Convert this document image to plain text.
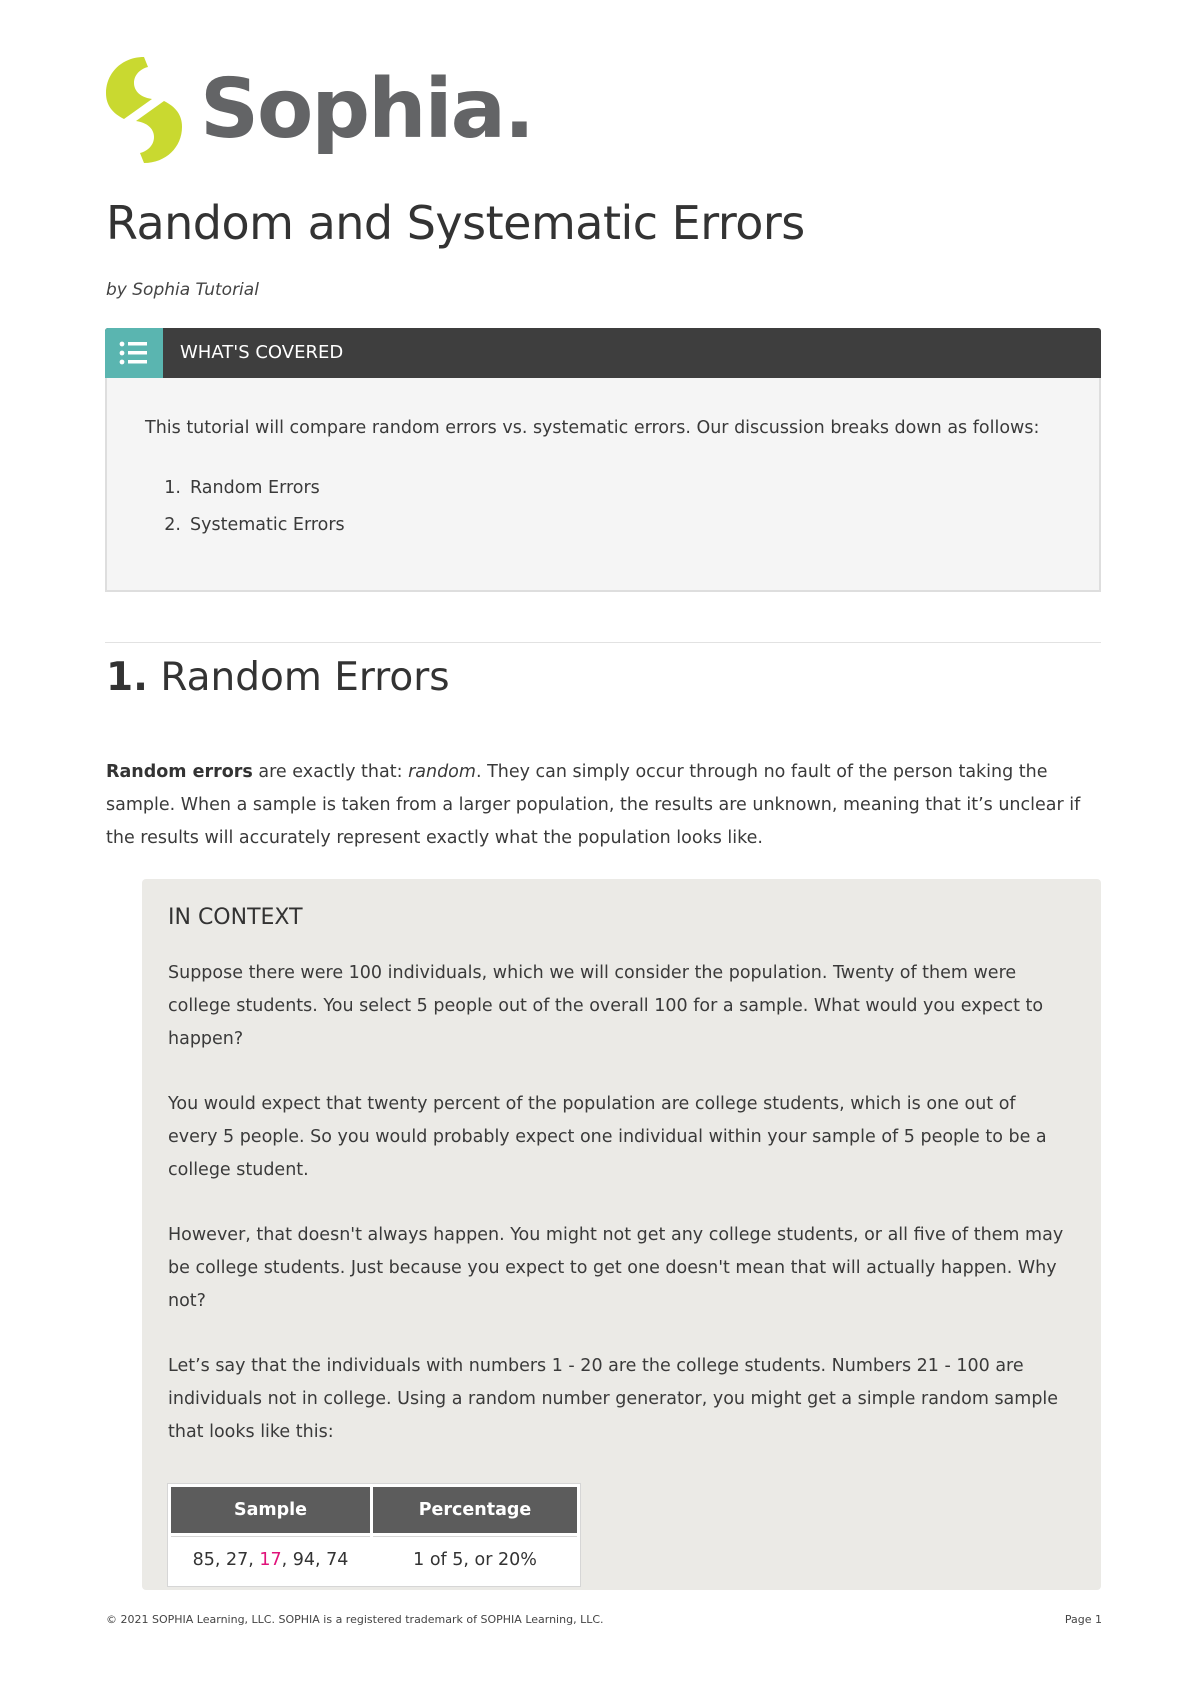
Sophia.
Random and Systematic Errors
by Sophia Tutorial
WHAT'S COVERED

This tutorial will compare random errors vs. systematic errors. Our discussion breaks down as follows:

1. Random Errors
2. Systematic Errors
1. Random Errors

Random errors are exactly that: random. They can simply occur through no fault of the person taking the sample. When a sample is taken from a larger population, the results are unknown, meaning that it’s unclear if the results will accurately represent exactly what the population looks like.

IN CONTEXT

Suppose there were 100 individuals, which we will consider the population. Twenty of them were college students. You select 5 people out of the overall 100 for a sample. What would you expect to happen?

You would expect that twenty percent of the population are college students, which is one out of every 5 people. So you would probably expect one individual within your sample of 5 people to be a college student.

However, that doesn't always happen. You might not get any college students, or all five of them may be college students. Just because you expect to get one doesn't mean that will actually happen. Why not?

Let’s say that the individuals with numbers 1 - 20 are the college students. Numbers 21 - 100 are individuals not in college. Using a random number generator, you might get a simple random sample that looks like this:

Sample	Percentage
85, 27, 17, 94, 74	1 of 5, or 20%
© 2021 SOPHIA Learning, LLC. SOPHIA is a registered trademark of SOPHIA Learning, LLC.	Page 1
